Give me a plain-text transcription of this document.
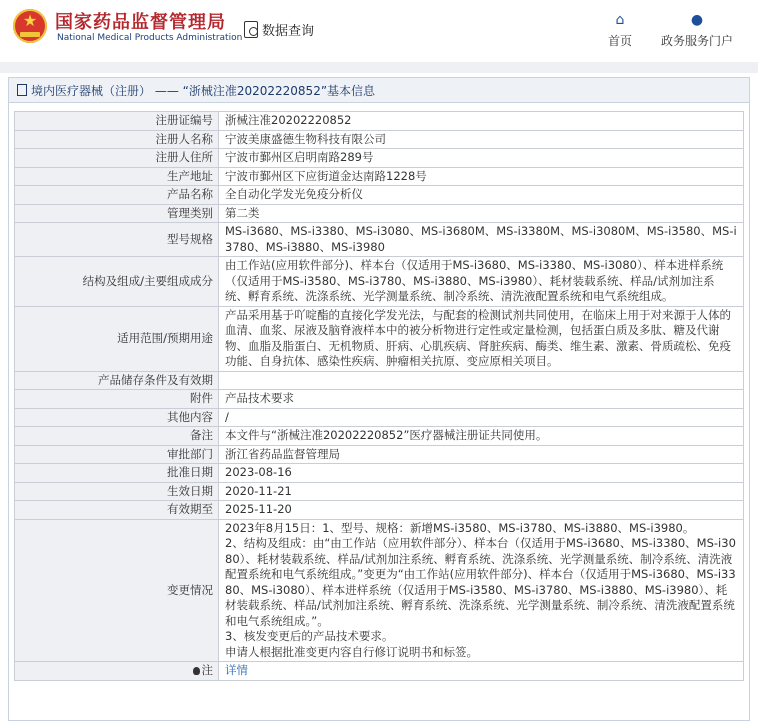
★ 国家药品监督管理局
National Medical Products Administration 数据查询
⌂
首页
●
政务服务门户
境内医疗器械（注册） —— “浙械注准20202220852”基本信息
注册证编号	浙械注准20202220852
注册人名称	宁波美康盛德生物科技有限公司
注册人住所	宁波市鄞州区启明南路289号
生产地址	宁波市鄞州区下应街道金达南路1228号
产品名称	全自动化学发光免疫分析仪
管理类别	第二类
型号规格	MS-i3680、MS-i3380、MS-i3080、MS-i3680M、MS-i3380M、MS-i3080M、MS-i3580、MS-i3780、MS-i3880、MS-i3980
结构及组成/主要组成成分	由工作站(应用软件部分)、样本台（仅适用于MS-i3680、MS-i3380、MS-i3080）、样本进样系统（仅适用于MS-i3580、MS-i3780、MS-i3880、MS-i3980）、耗材装载系统、样品/试剂加注系统、孵育系统、洗涤系统、光学测量系统、制冷系统、清洗液配置系统和电气系统组成。
适用范围/预期用途	产品采用基于吖啶酯的直接化学发光法，与配套的检测试剂共同使用，在临床上用于对来源于人体的血清、血浆、尿液及脑脊液样本中的被分析物进行定性或定量检测，包括蛋白质及多肽、糖及代谢物、血脂及脂蛋白、无机物质、肝病、心肌疾病、肾脏疾病、酶类、维生素、激素、骨质疏松、免疫功能、自身抗体、感染性疾病、肿瘤相关抗原、变应原相关项目。
产品储存条件及有效期	
附件	产品技术要求
其他内容	/
备注	本文件与“浙械注准20202220852”医疗器械注册证共同使用。
审批部门	浙江省药品监督管理局
批准日期	2023-08-16
生效日期	2020-11-21
有效期至	2025-11-20
变更情况	2023年8月15日：1、型号、规格：新增MS-i3580、MS-i3780、MS-i3880、MS-i3980。
2、结构及组成：由“由工作站（应用软件部分）、样本台（仅适用于MS-i3680、MS-i3380、MS-i3080）、耗材装载系统、样品/试剂加注系统、孵育系统、洗涤系统、光学测量系统、制冷系统、清洗液配置系统和电气系统组成。”变更为“由工作站(应用软件部分)、样本台（仅适用于MS-i3680、MS-i3380、MS-i3080）、样本进样系统（仅适用于MS-i3580、MS-i3780、MS-i3880、MS-i3980）、耗材装载系统、样品/试剂加注系统、孵育系统、洗涤系统、光学测量系统、制冷系统、清洗液配置系统和电气系统组成。”。
3、核发变更后的产品技术要求。
申请人根据批准变更内容自行修订说明书和标签。

注	详情
